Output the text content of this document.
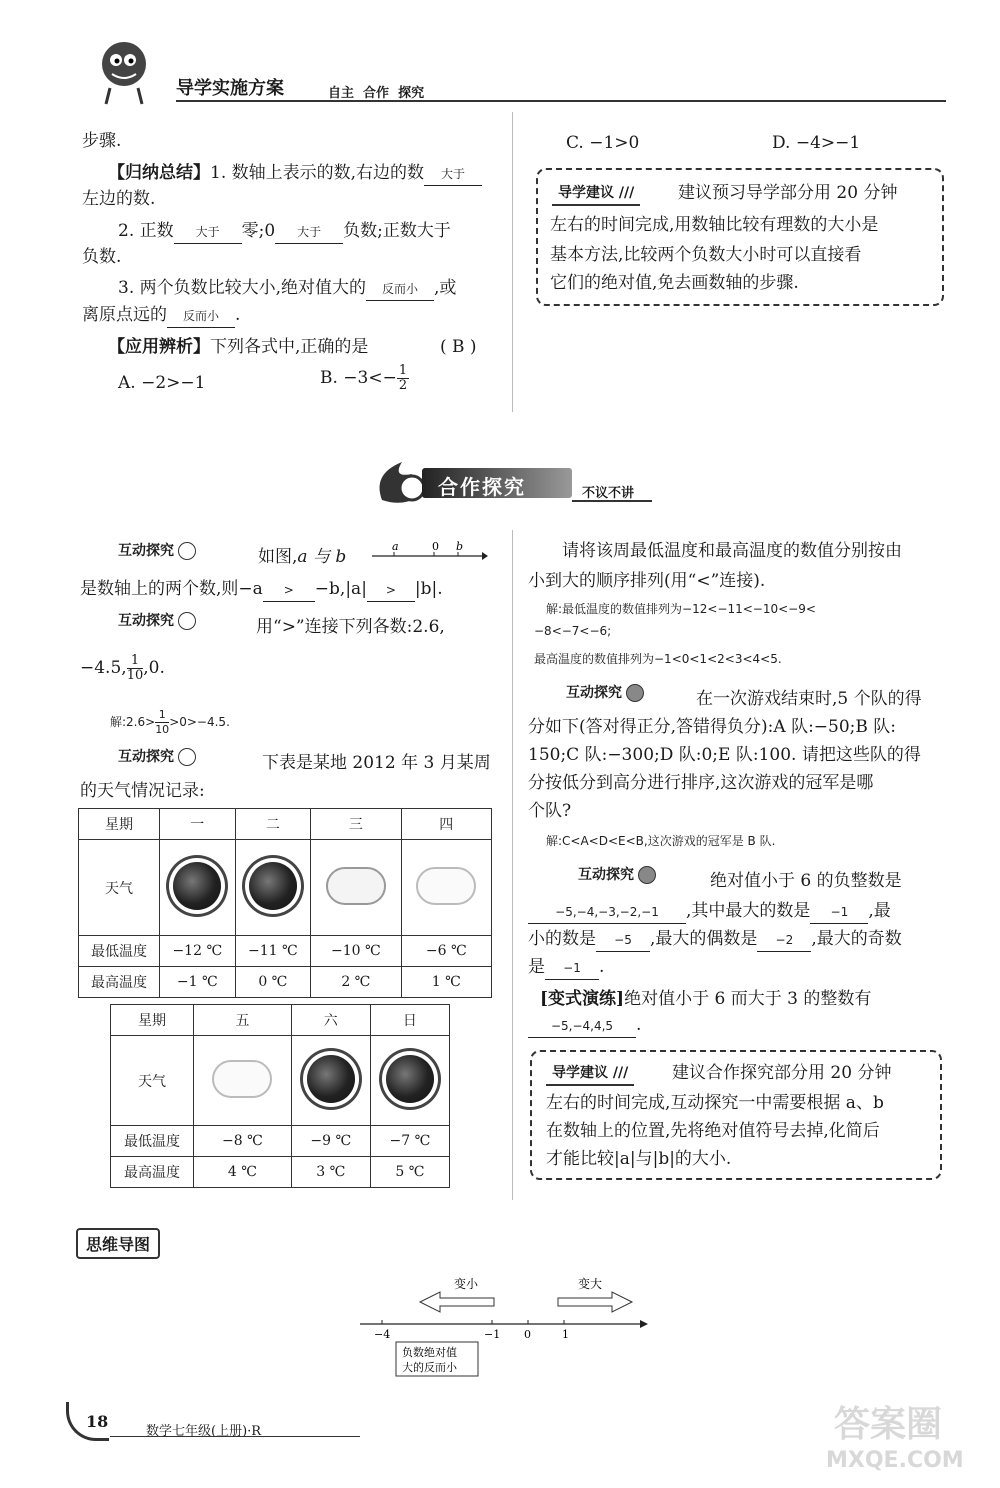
导学实施方案	自主  合作  探究
步骤.
【归纳总结】1. 数轴上表示的数,右边的数 大于
左边的数.
2. 正数 大于 零;0 大于 负数;正数大于
负数.
3. 两个负数比较大小,绝对值大的 反而小 ,或
离原点远的 反而小 .
【应用辨析】下列各式中,正确的是	( B )
A. −2>−1	B. $-3<- \frac{1}{2}$
C. −1>0	D. −4>−1
导学建议 ///	建议预习导学部分用 20 分钟
左右的时间完成,用数轴比较有理数的大小是
基本方法,比较两个负数大小时可以直接看
它们的绝对值,免去画数轴的步骤.
合作探究	不议不讲
互动探究	如图,a 与 b
a	0 b
是数轴上的两个数,则−a > −b,|a| > |b|.
互动探究	用“>”连接下列各数:2.6,
−4.5, $\frac{1}{10} ,0$.
解:2.6> $\frac{1}{10} >0>-4.5$.
互动探究	下表是某地 2012 年 3 月某周
的天气情况记录:
星期	一	二	三	四
天气				
最低温度	−12 ℃	−11 ℃	−10 ℃	−6 ℃
最高温度	−1 ℃	0 ℃	2 ℃	1 ℃
星期	五	六	日
天气			
最低温度	−8 ℃	−9 ℃	−7 ℃
最高温度	4 ℃	3 ℃	5 ℃
请将该周最低温度和最高温度的数值分别按由
小到大的顺序排列(用“<”连接).
解:最低温度的数值排列为−12<−11<−10<−9<
−8<−7<−6;
最高温度的数值排列为−1<0<1<2<3<4<5.
互动探究	在一次游戏结束时,5 个队的得
分如下(答对得正分,答错得负分):A 队:−50;B 队:
150;C 队:−300;D 队:0;E 队:100. 请把这些队的得
分按低分到高分进行排序,这次游戏的冠军是哪
个队?
解:C<A<D<E<B,这次游戏的冠军是 B 队.
互动探究	绝对值小于 6 的负整数是
−5,−4,−3,−2,−1 ,其中最大的数是 −1 ,最
小的数是 −5 ,最大的偶数是 −2 ,最大的奇数
是 −1 .
[变式演练]绝对值小于 6 而大于 3 的整数有
−5,−4,4,5 .
导学建议 ///	建议合作探究部分用 20 分钟
左右的时间完成,互动探究一中需要根据 a、b
在数轴上的位置,先将绝对值符号去掉,化简后
才能比较|a|与|b|的大小.
思维导图
变小	变大
−4	−1 0	1
负数绝对值
大的反而小
18
数学七年级(上册)·R	答案圈
MXQE.COM
